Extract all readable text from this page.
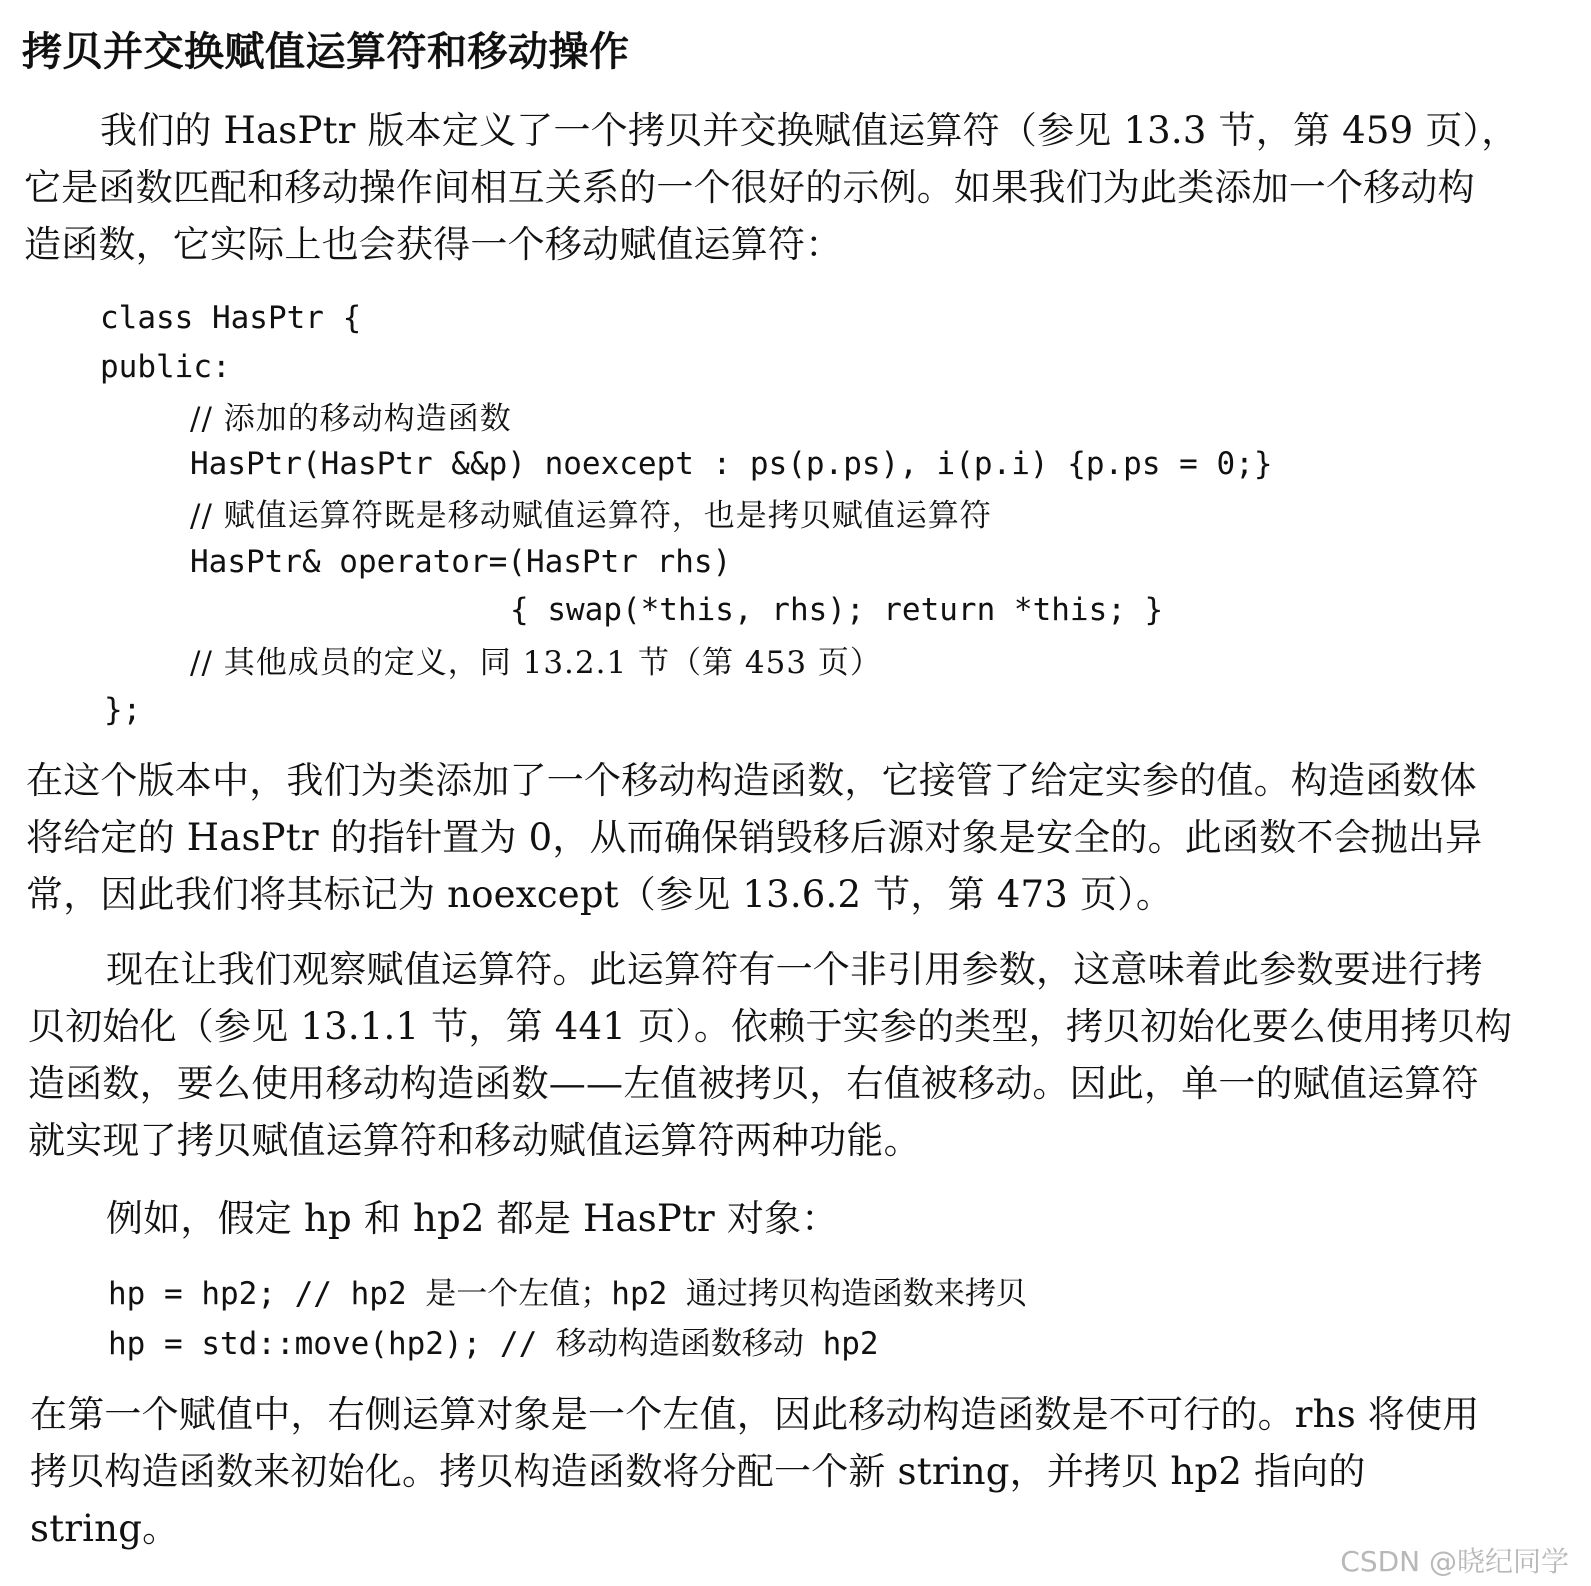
拷贝并交换赋值运算符和移动操作
我们的 HasPtr 版本定义了一个拷贝并交换赋值运算符（参见 13.3 节，第 459 页），
它是函数匹配和移动操作间相互关系的一个很好的示例。如果我们为此类添加一个移动构
造函数，它实际上也会获得一个移动赋值运算符：
class HasPtr {
public:
// 添加的移动构造函数
HasPtr(HasPtr &&p) noexcept : ps(p.ps), i(p.i) {p.ps = 0;}
// 赋值运算符既是移动赋值运算符，也是拷贝赋值运算符
HasPtr& operator=(HasPtr rhs)
{ swap(*this, rhs); return *this; }
// 其他成员的定义，同 13.2.1 节（第 453 页）
};
在这个版本中，我们为类添加了一个移动构造函数，它接管了给定实参的值。构造函数体
将给定的 HasPtr 的指针置为 0，从而确保销毁移后源对象是安全的。此函数不会抛出异
常，因此我们将其标记为 noexcept（参见 13.6.2 节，第 473 页）。
现在让我们观察赋值运算符。此运算符有一个非引用参数，这意味着此参数要进行拷
贝初始化（参见 13.1.1 节，第 441 页）。依赖于实参的类型，拷贝初始化要么使用拷贝构
造函数，要么使用移动构造函数——左值被拷贝，右值被移动。因此，单一的赋值运算符
就实现了拷贝赋值运算符和移动赋值运算符两种功能。
例如，假定 hp 和 hp2 都是 HasPtr 对象：
hp = hp2; // hp2 是一个左值；hp2 通过拷贝构造函数来拷贝
hp = std::move(hp2); // 移动构造函数移动 hp2
在第一个赋值中，右侧运算对象是一个左值，因此移动构造函数是不可行的。rhs 将使用
拷贝构造函数来初始化。拷贝构造函数将分配一个新 string，并拷贝 hp2 指向的
string。
CSDN @晓纪同学
